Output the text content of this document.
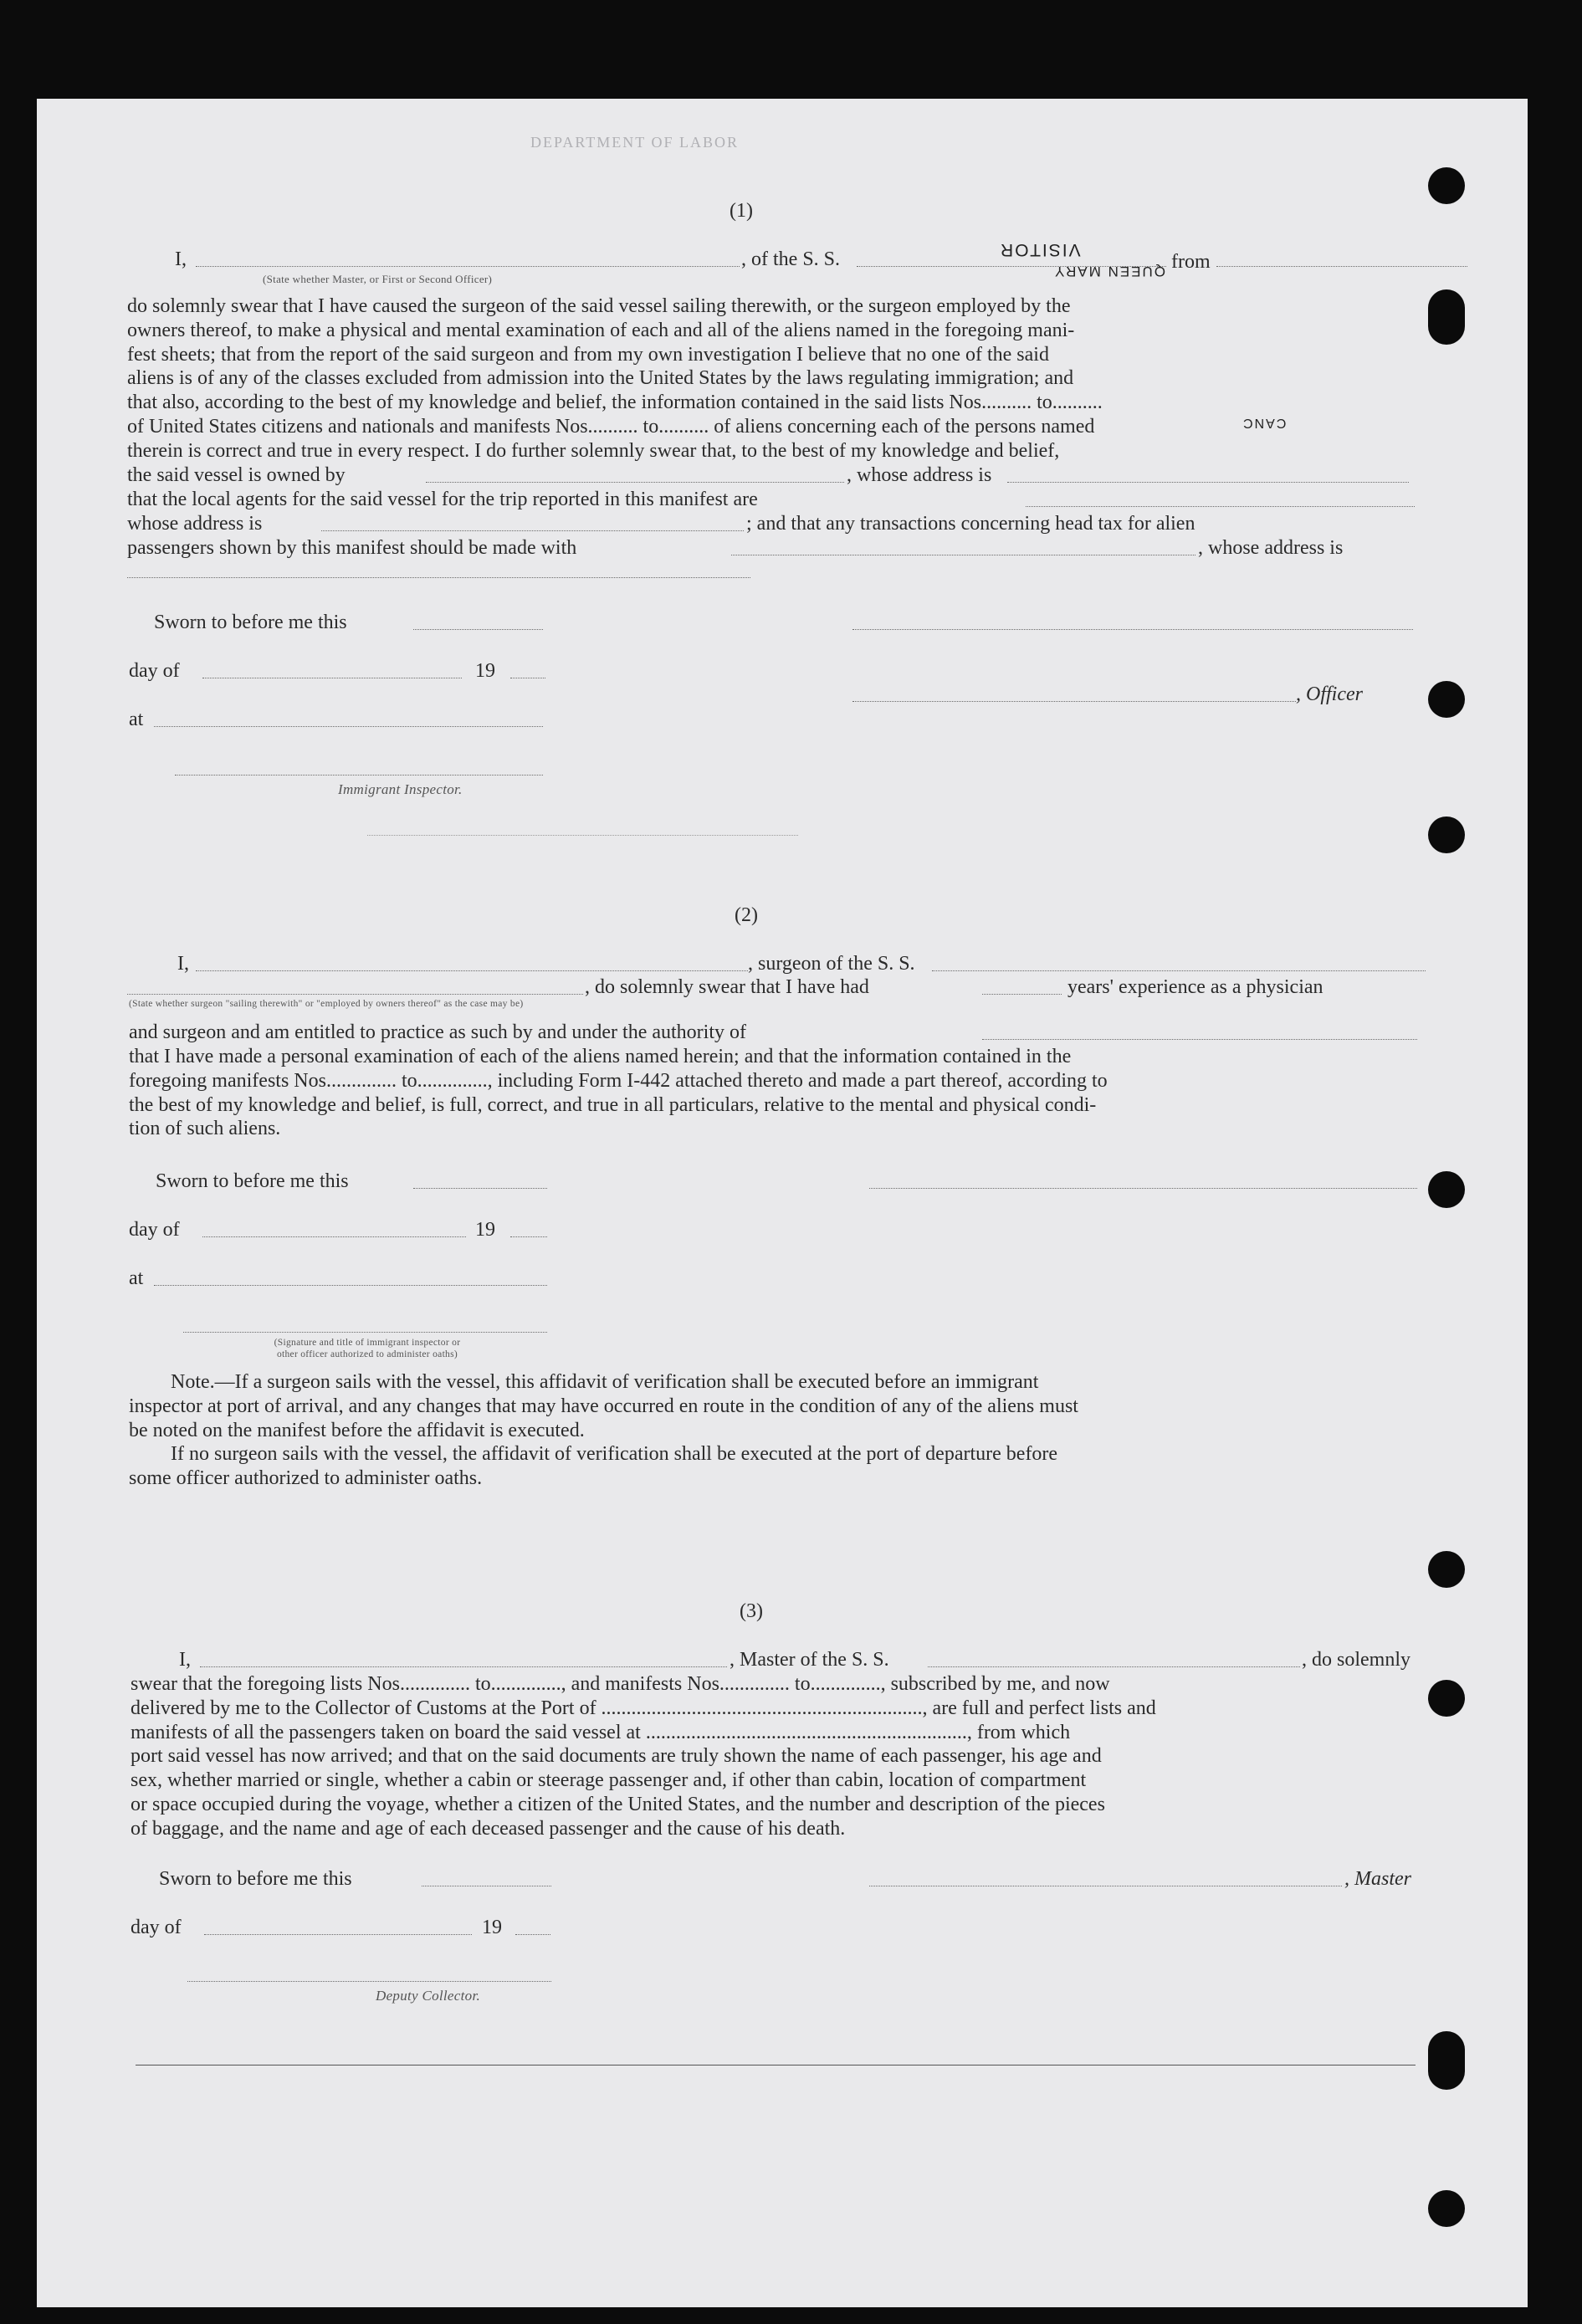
DEPARTMENT OF LABOR
(1)
I,	, of the S. S.	from
VISITOR
QUEEN MARY
(State whether Master, or First or Second Officer)
do solemnly swear that I have caused the surgeon of the said vessel sailing therewith, or the surgeon employed by the
owners thereof, to make a physical and mental examination of each and all of the aliens named in the foregoing mani-
fest sheets; that from the report of the said surgeon and from my own investigation I believe that no one of the said
aliens is of any of the classes excluded from admission into the United States by the laws regulating immigration; and
that also, according to the best of my knowledge and belief, the information contained in the said lists Nos.......... to..........
of United States citizens and nationals and manifests Nos.......... to.......... of aliens concerning each of the persons named
therein is correct and true in every respect. I do further solemnly swear that, to the best of my knowledge and belief,
CANC
the said vessel is owned by	, whose address is
that the local agents for the said vessel for the trip reported in this manifest are
whose address is	; and that any transactions concerning head tax for alien
passengers shown by this manifest should be made with	, whose address is
Sworn to before me this
day of	19
, Officer
at
Immigrant Inspector.
(2)
I,	, surgeon of the S. S.
, do solemnly swear that I have had	years' experience as a physician
(State whether surgeon "sailing therewith" or "employed by owners thereof" as the case may be)
and surgeon and am entitled to practice as such by and under the authority of
that I have made a personal examination of each of the aliens named herein; and that the information contained in the
foregoing manifests Nos.............. to.............., including Form I-442 attached thereto and made a part thereof, according to
the best of my knowledge and belief, is full, correct, and true in all particulars, relative to the mental and physical condi-
tion of such aliens.
Sworn to before me this
day of	19
at
(Signature and title of immigrant inspector or
other officer authorized to administer oaths)
Note.—If a surgeon sails with the vessel, this affidavit of verification shall be executed before an immigrant
inspector at port of arrival, and any changes that may have occurred en route in the condition of any of the aliens must
be noted on the manifest before the affidavit is executed.
If no surgeon sails with the vessel, the affidavit of verification shall be executed at the port of departure before
some officer authorized to administer oaths.
(3)
I,	, Master of the S. S.	, do solemnly
swear that the foregoing lists Nos.............. to.............., and manifests Nos.............. to.............., subscribed by me, and now
delivered by me to the Collector of Customs at the Port of ................................................................, are full and perfect lists and
manifests of all the passengers taken on board the said vessel at ................................................................, from which
port said vessel has now arrived; and that on the said documents are truly shown the name of each passenger, his age and
sex, whether married or single, whether a cabin or steerage passenger and, if other than cabin, location of compartment
or space occupied during the voyage, whether a citizen of the United States, and the number and description of the pieces
of baggage, and the name and age of each deceased passenger and the cause of his death.
Sworn to before me this	, Master
day of	19
Deputy Collector.
